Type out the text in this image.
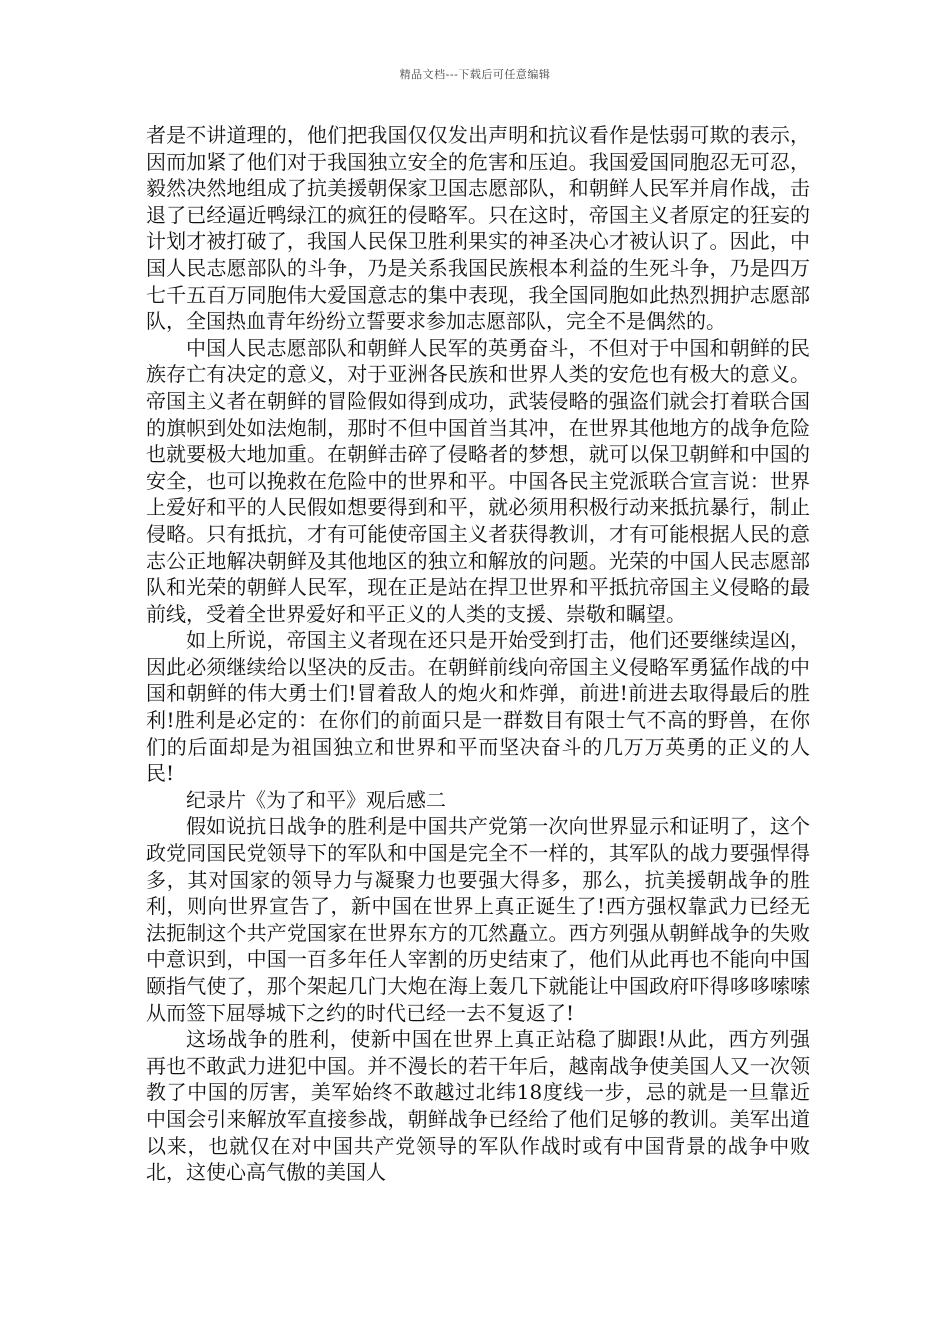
精品文档---下载后可任意编辑

者是不讲道理的，他们把我国仅仅发出声明和抗议看作是怯弱可欺的表示，因而加紧了他们对于我国独立安全的危害和压迫。我国爱国同胞忍无可忍，毅然决然地组成了抗美援朝保家卫国志愿部队，和朝鲜人民军并肩作战，击退了已经逼近鸭绿江的疯狂的侵略军。只在这时，帝国主义者原定的狂妄的计划才被打破了，我国人民保卫胜利果实的神圣决心才被认识了。因此，中国人民志愿部队的斗争，乃是关系我国民族根本利益的生死斗争，乃是四万七千五百万同胞伟大爱国意志的集中表现，我全国同胞如此热烈拥护志愿部队，全国热血青年纷纷立誓要求参加志愿部队，完全不是偶然的。

中国人民志愿部队和朝鲜人民军的英勇奋斗，不但对于中国和朝鲜的民族存亡有决定的意义，对于亚洲各民族和世界人类的安危也有极大的意义。帝国主义者在朝鲜的冒险假如得到成功，武装侵略的强盗们就会打着联合国的旗帜到处如法炮制，那时不但中国首当其冲，在世界其他地方的战争危险也就要极大地加重。在朝鲜击碎了侵略者的梦想，就可以保卫朝鲜和中国的安全，也可以挽救在危险中的世界和平。中国各民主党派联合宣言说：世界上爱好和平的人民假如想要得到和平，就必须用积极行动来抵抗暴行，制止侵略。只有抵抗，才有可能使帝国主义者获得教训，才有可能根据人民的意志公正地解决朝鲜及其他地区的独立和解放的问题。光荣的中国人民志愿部队和光荣的朝鲜人民军，现在正是站在捍卫世界和平抵抗帝国主义侵略的最前线，受着全世界爱好和平正义的人类的支援、崇敬和瞩望。

如上所说，帝国主义者现在还只是开始受到打击，他们还要继续逞凶，因此必须继续给以坚决的反击。在朝鲜前线向帝国主义侵略军勇猛作战的中国和朝鲜的伟大勇士们!冒着敌人的炮火和炸弹，前进!前进去取得最后的胜利!胜利是必定的：在你们的前面只是一群数目有限士气不高的野兽，在你们的后面却是为祖国独立和世界和平而坚决奋斗的几万万英勇的正义的人民!

纪录片《为了和平》观后感二

假如说抗日战争的胜利是中国共产党第一次向世界显示和证明了，这个政党同国民党领导下的军队和中国是完全不一样的，其军队的战力要强悍得多，其对国家的领导力与凝聚力也要强大得多，那么，抗美援朝战争的胜利，则向世界宣告了，新中国在世界上真正诞生了!西方强权靠武力已经无法扼制这个共产党国家在世界东方的兀然矗立。西方列强从朝鲜战争的失败中意识到，中国一百多年任人宰割的历史结束了，他们从此再也不能向中国颐指气使了，那个架起几门大炮在海上轰几下就能让中国政府吓得哆哆嗦嗦从而签下屈辱城下之约的时代已经一去不复返了!

这场战争的胜利，使新中国在世界上真正站稳了脚跟!从此，西方列强再也不敢武力进犯中国。并不漫长的若干年后，越南战争使美国人又一次领教了中国的厉害，美军始终不敢越过北纬18度线一步，忌的就是一旦靠近中国会引来解放军直接参战，朝鲜战争已经给了他们足够的教训。美军出道以来，也就仅在对中国共产党领导的军队作战时或有中国背景的战争中败北，这使心高气傲的美国人
